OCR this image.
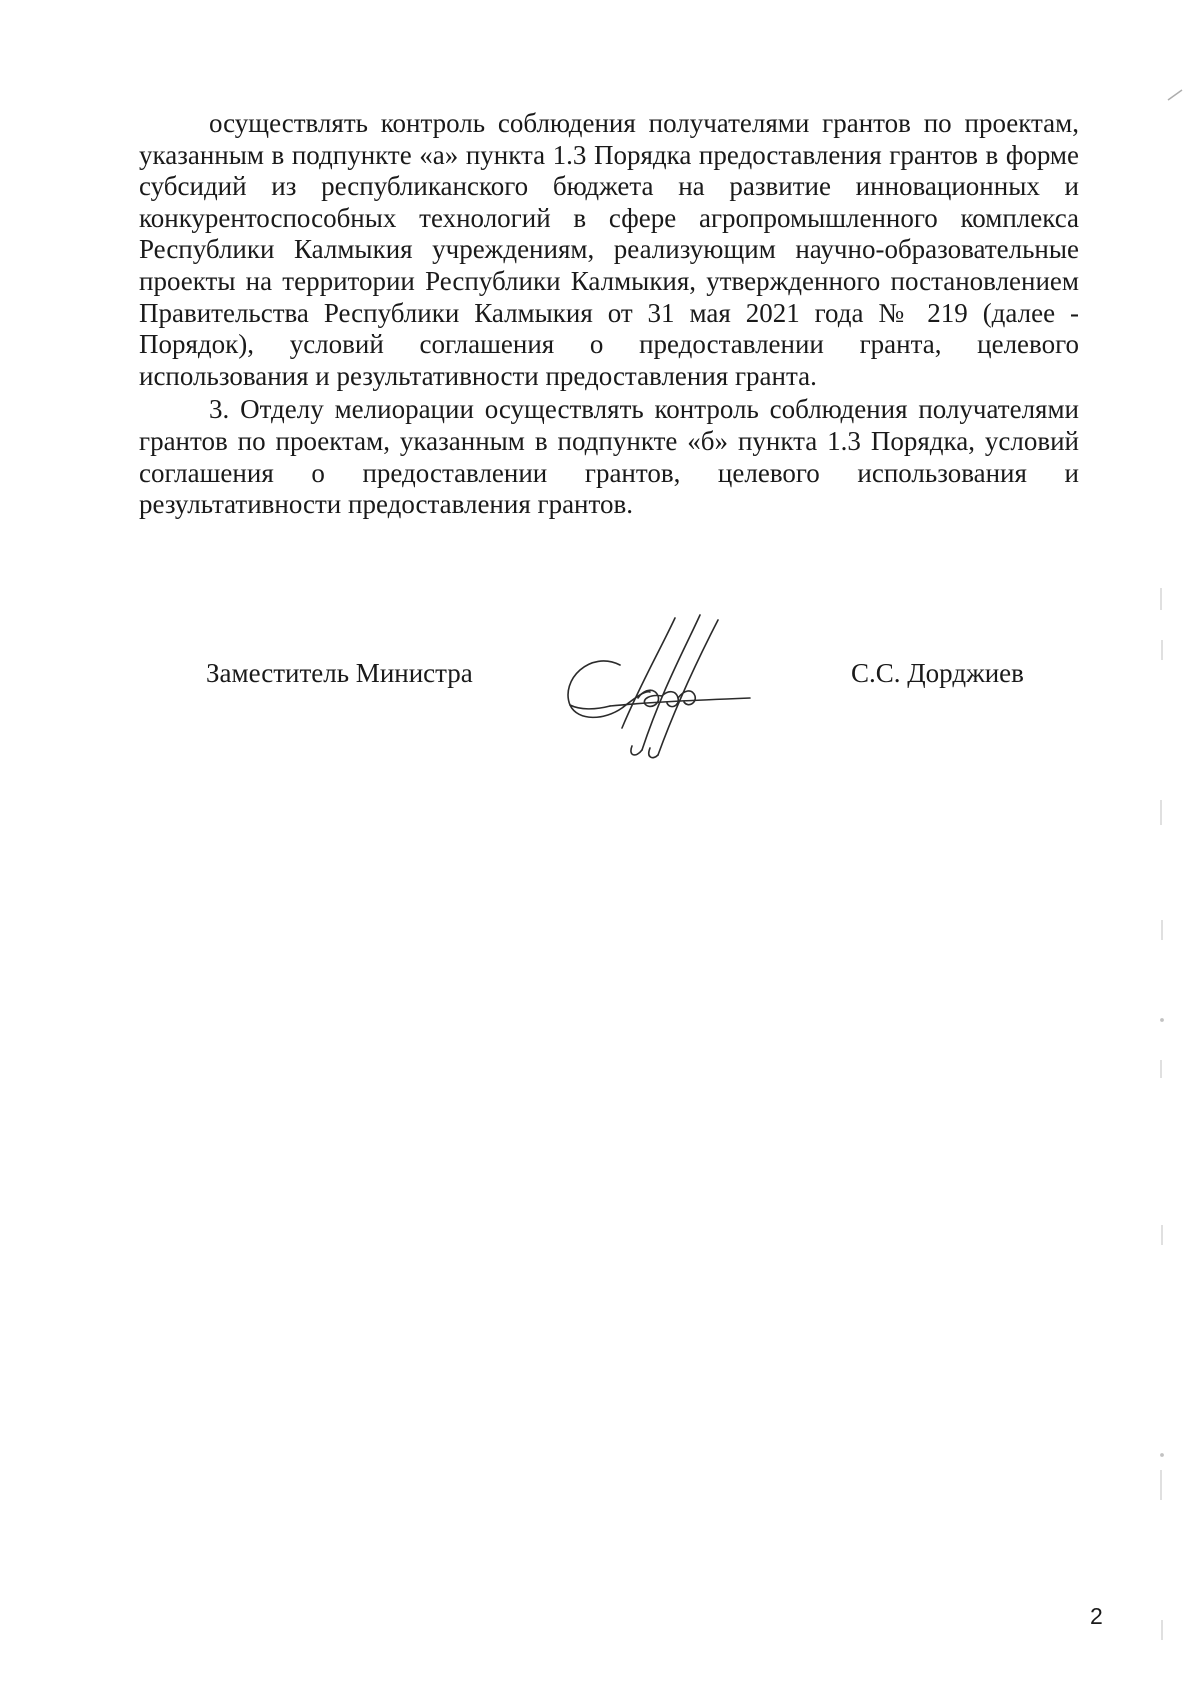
осуществлять контроль соблюдения получателями грантов по проектам, указанным в подпункте «а» пункта 1.3 Порядка предоставления грантов в форме субсидий из республиканского бюджета на развитие инновационных и конкурентоспособных технологий в сфере агропромышленного комплекса Республики Калмыкия учреждениям, реализующим научно-образовательные проекты на территории Республики Калмыкия, утвержденного постановлением Правительства Республики Калмыкия от 31 мая 2021 года № 219 (далее - Порядок), условий соглашения о предоставлении гранта, целевого использования и результативности предоставления гранта.

3. Отделу мелиорации осуществлять контроль соблюдения получателями грантов по проектам, указанным в подпункте «б» пункта 1.3 Порядка, условий соглашения о предоставлении грантов, целевого использования и результативности предоставления грантов.

Заместитель Министра	С.С. Дорджиев
2
